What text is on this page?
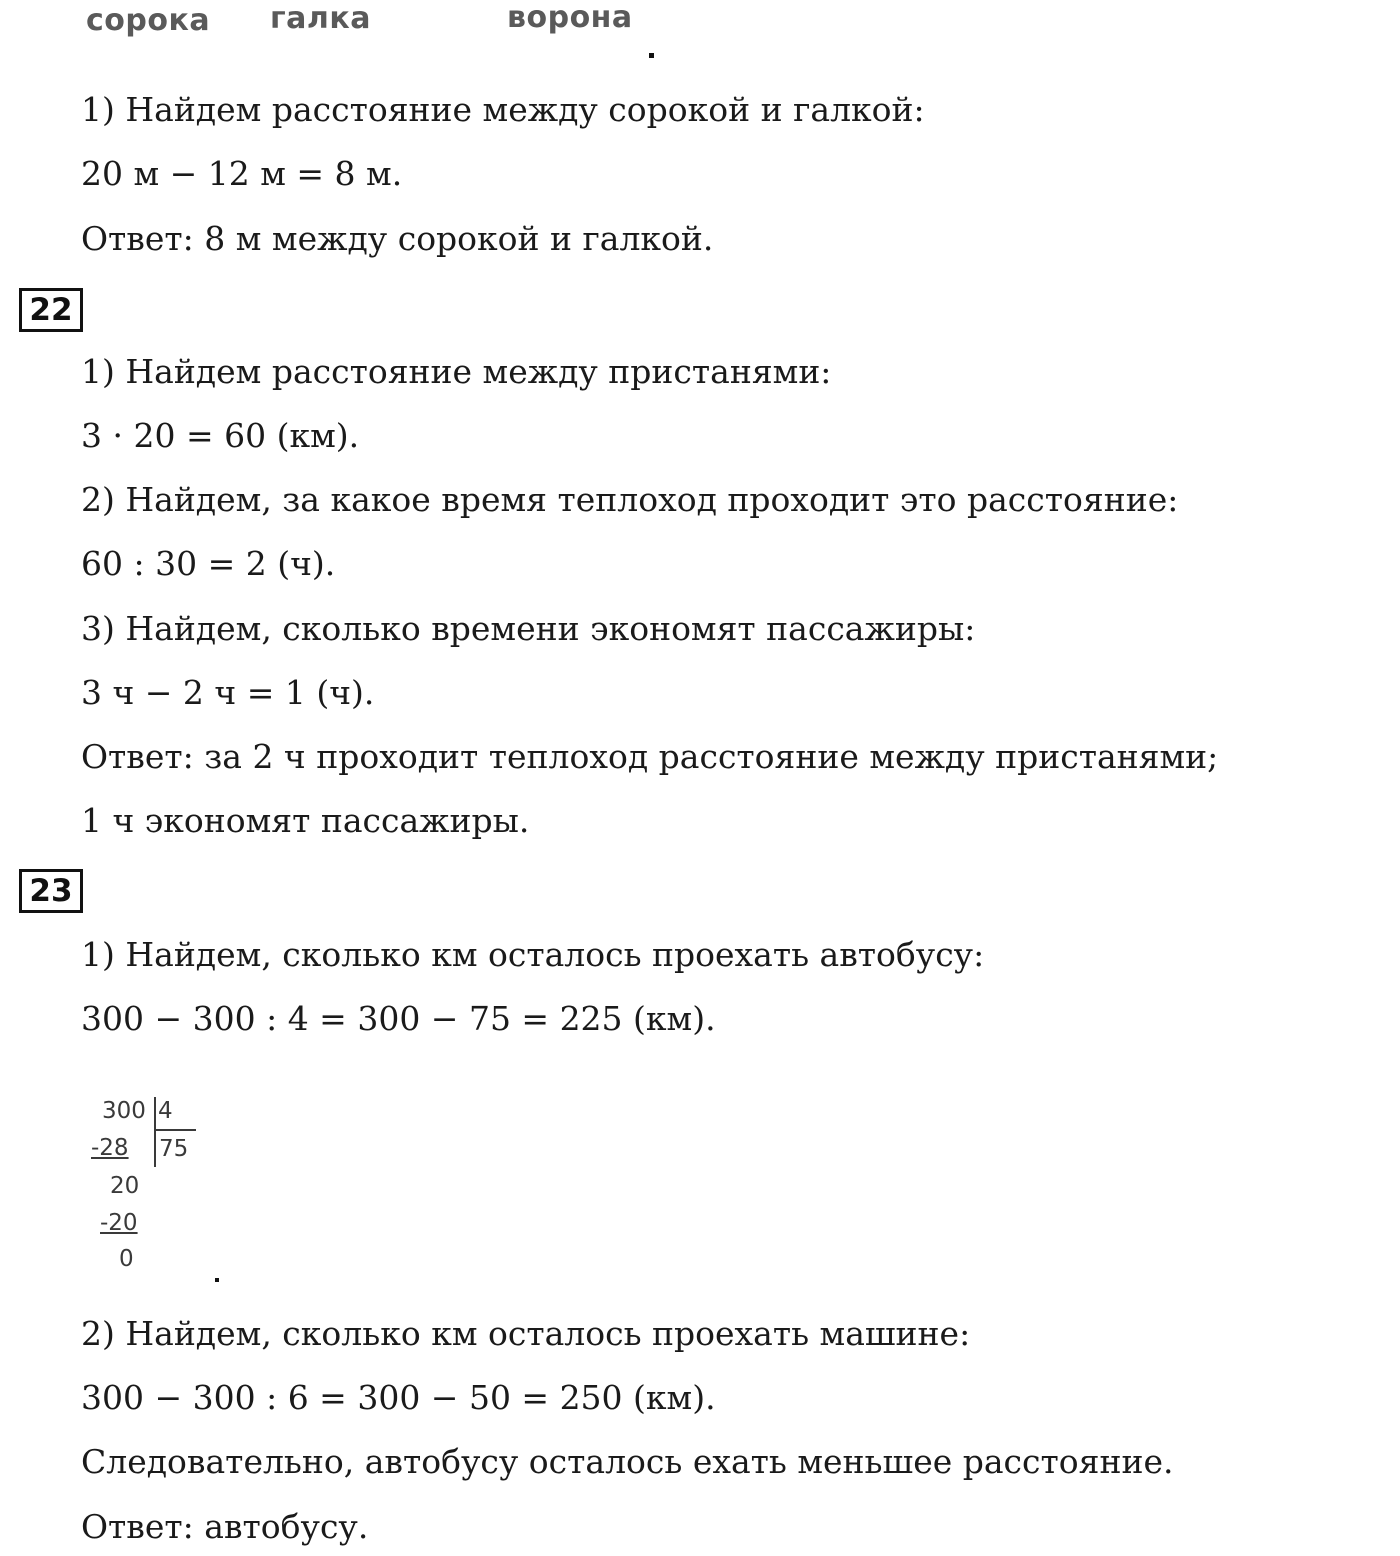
сорока галка	ворона
1) Найдем расстояние между сорокой и галкой:
20 м − 12 м = 8 м.
Ответ: 8 м между сорокой и галкой.
22
1) Найдем расстояние между пристанями:
3 · 20 = 60 (км).
2) Найдем, за какое время теплоход проходит это расстояние:
60 : 30 = 2 (ч).
3) Найдем, сколько времени экономят пассажиры:
3 ч − 2 ч = 1 (ч).
Ответ: за 2 ч проходит теплоход расстояние между пристанями;
1 ч экономят пассажиры.
23
1) Найдем, сколько км осталось проехать автобусу:
300 − 300 : 4 = 300 − 75 = 225 (км).
300 4
-28 75
20
-20
0
2) Найдем, сколько км осталось проехать машине:
300 − 300 : 6 = 300 − 50 = 250 (км).
Следовательно, автобусу осталось ехать меньшее расстояние.
Ответ: автобусу.
